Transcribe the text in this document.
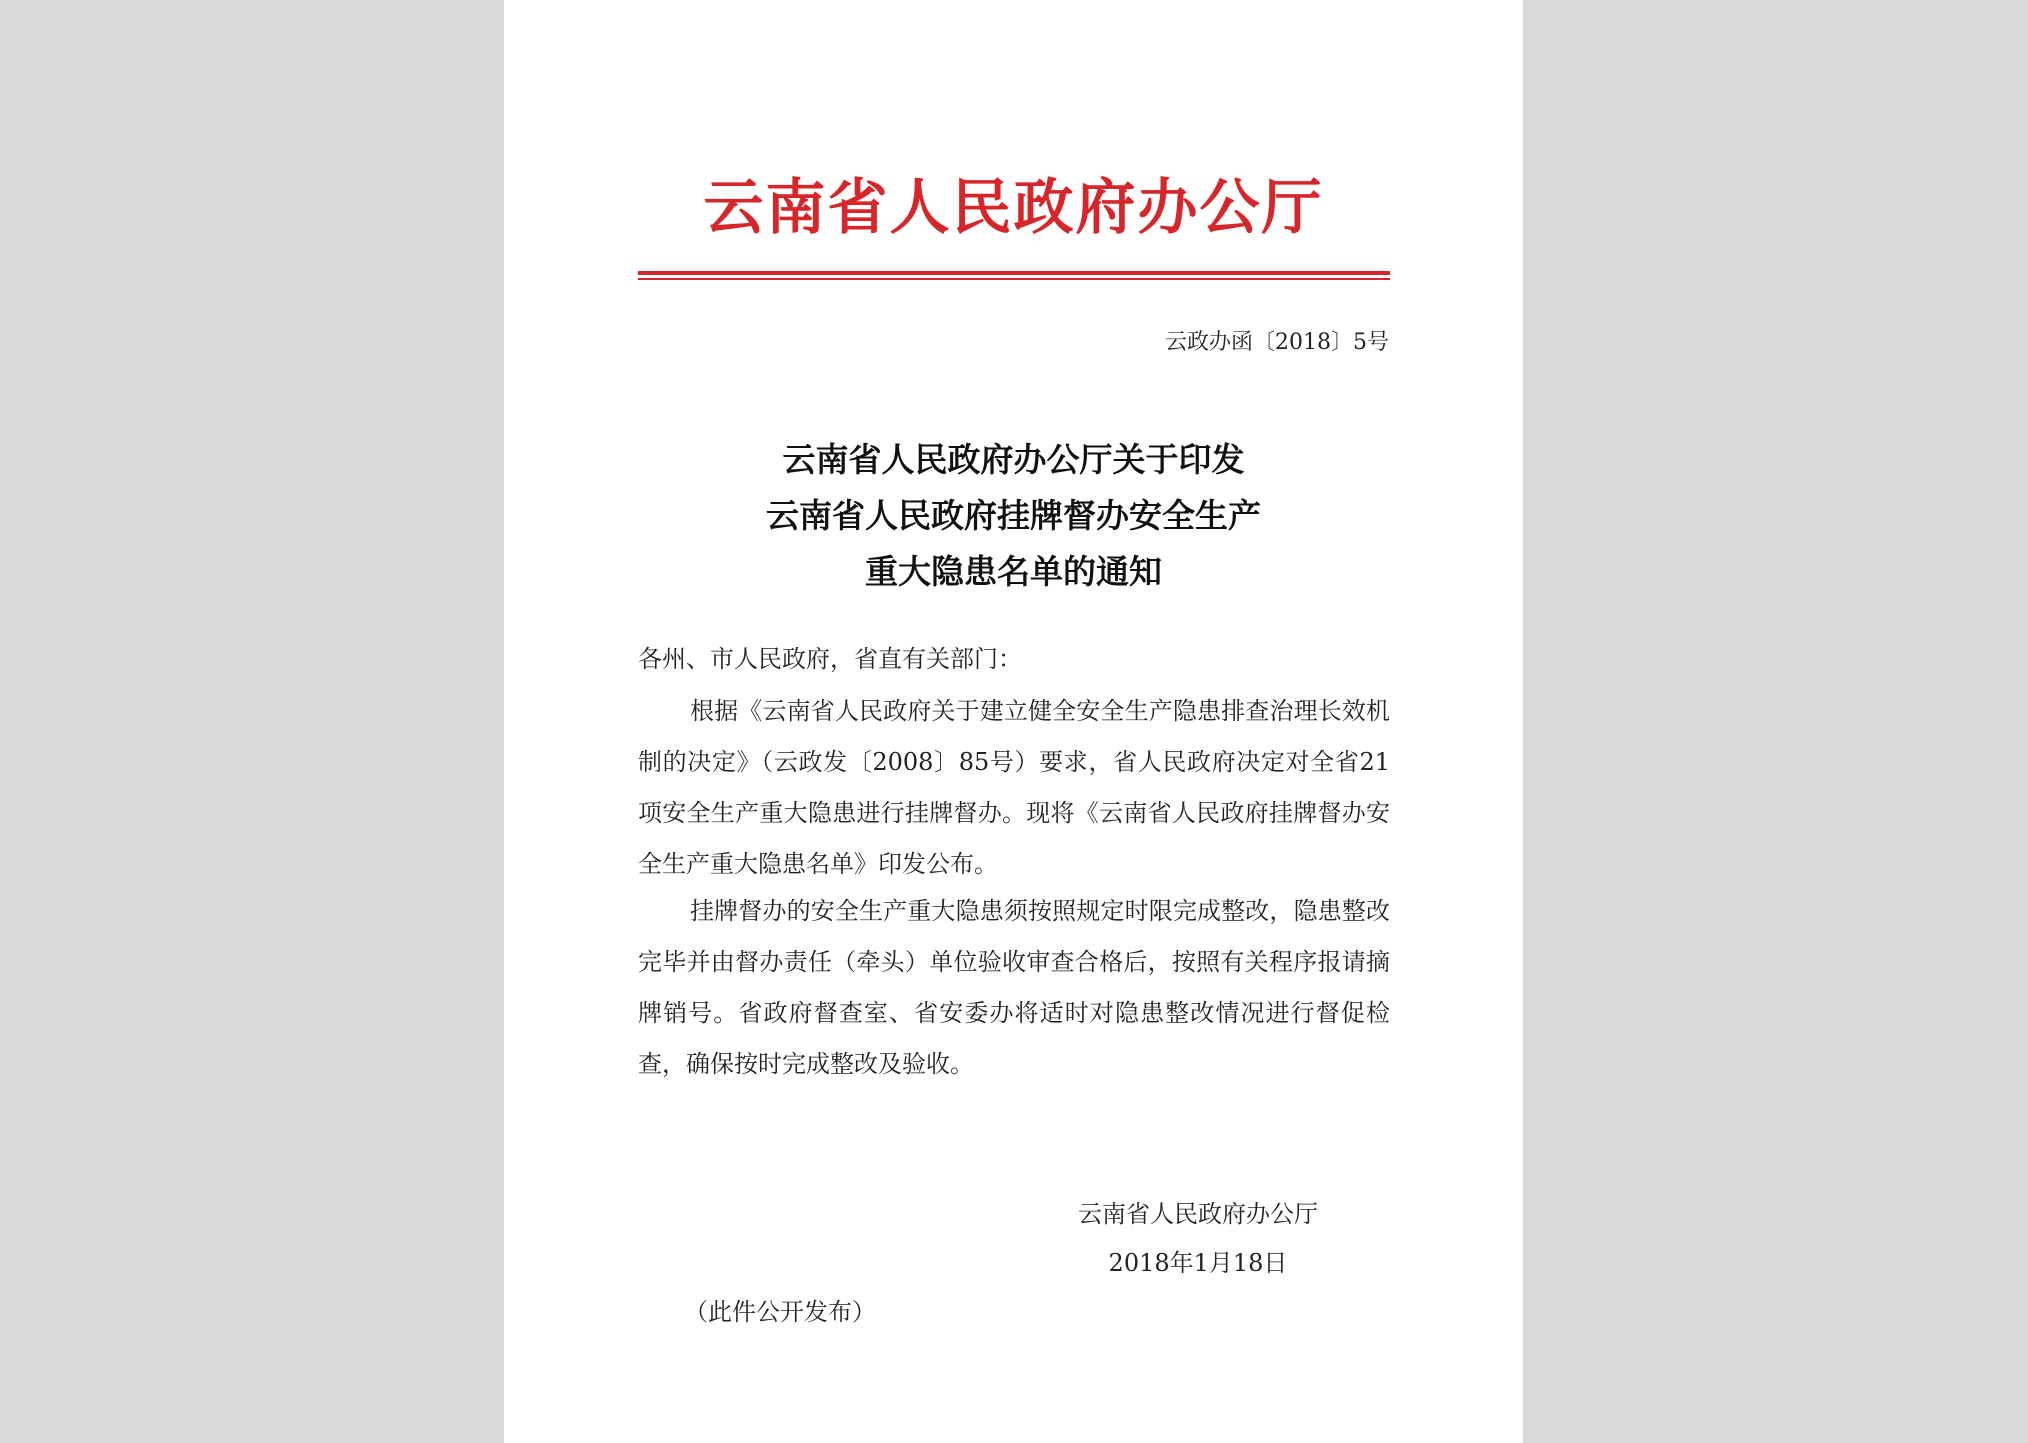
云南省人民政府办公厅
云政办函〔2018〕5号
云南省人民政府办公厅关于印发
云南省人民政府挂牌督办安全生产
重大隐患名单的通知
各州、市人民政府，省直有关部门：

根据《云南省人民政府关于建立健全安全生产隐患排查治理长效机制的决定》（云政发〔2008〕85号）要求，省人民政府决定对全省21项安全生产重大隐患进行挂牌督办。现将《云南省人民政府挂牌督办安全生产重大隐患名单》印发公布。

挂牌督办的安全生产重大隐患须按照规定时限完成整改，隐患整改完毕并由督办责任（牵头）单位验收审查合格后，按照有关程序报请摘牌销号。省政府督查室、省安委办将适时对隐患整改情况进行督促检查，确保按时完成整改及验收。

云南省人民政府办公厅
2018年1月18日
（此件公开发布）
